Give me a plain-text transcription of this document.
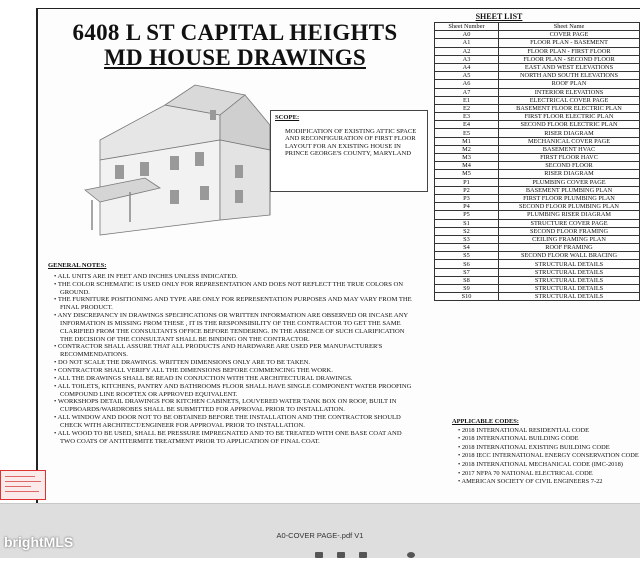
6408 L ST CAPITAL HEIGHTS
MD HOUSE DRAWINGS
SCOPE:
MODIFICATION OF EXISTING ATTIC SPACE AND RECONFIGURATION OF FIRST FLOOR LAYOUT FOR AN EXISTING HOUSE IN PRINCE GEORGE'S COUNTY, MARYLAND
GENERAL NOTES:
• ALL UNITS ARE IN FEET AND INCHES UNLESS INDICATED.
• THE COLOR SCHEMATIC IS USED ONLY FOR REPRESENTATION AND DOES NOT REFLECT THE TRUE COLORS ON GROUND.
• THE FURNITURE POSITIONING AND TYPE ARE ONLY FOR REPRESENTATION PURPOSES AND MAY VARY FROM THE FINAL PRODUCT.
• ANY DISCREPANCY IN DRAWINGS SPECIFICATIONS OR WRITTEN INFORMATION ARE OBSERVED OR INCASE ANY INFORMATION IS MISSING FROM THESE , IT IS THE RESPONSIBILITY OF THE CONTRACTOR TO GET THE SAME CLARIFIED FROM THE CONSULTANTS OFFICE BEFORE TENDERING. IN THE ABSENCE OF SUCH CLARIFICATION THE DECISION OF THE CONSULTANT SHALL BE BINDING ON THE CONTRACTOR.
• CONTRACTOR SHALL ASSURE THAT ALL PRODUCTS AND HARDWARE ARE USED PER MANUFACTURER'S RECOMMENDATIONS.
• DO NOT SCALE THE DRAWINGS. WRITTEN DIMENSIONS ONLY ARE TO BE TAKEN.
• CONTRACTOR SHALL VERIFY ALL THE DIMENSIONS BEFORE COMMENCING THE WORK.
• ALL THE DRAWINGS SHALL BE READ IN CONJUCTION WITH THE ARCHITECTURAL DRAWINGS.
• ALL TOILETS, KITCHENS, PANTRY AND BATHROOMS FLOOR SHALL HAVE SINGLE COMPONENT WATER PROOFING COMPOUND LINE ROOFTEX OR APPROVED EQUIVALENT.
• WORKSHOPS DETAIL DRAWINGS FOR KITCHEN CABINETS, LOUVERED WATER TANK BOX ON ROOF, BUILT IN CUPBOARDS/WARDROBES SHALL BE SUBMITTED FOR APPROVAL PRIOR TO INSTALLATION.
• ALL WINDOW AND DOOR NOT TO BE OBTAINED BEFORE THE INSTALLATION AND THE CONTRACTOR SHOULD CHECK WITH ARCHITECT/ENGINEER FOR APPROVAL PRIOR TO INSTALLATION.
• ALL WOOD TO BE USED, SHALL BE PRESSURE IMPREGNATED AND TO BE TREATED WITH ONE BASE COAT AND TWO COATS OF ANTITERMITE TREATMENT PRIOR TO APPLICATION OF FINAL COAT.
SHEET LIST
Sheet Number	Sheet Name
A0	COVER PAGE
A1	FLOOR PLAN - BASEMENT
A2	FLOOR PLAN - FIRST FLOOR
A3	FLOOR PLAN - SECOND FLOOR
A4	EAST AND WEST ELEVATIONS
A5	NORTH AND SOUTH ELEVATIONS
A6	ROOF PLAN
A7	INTERIOR ELEVATIONS
E1	ELECTRICAL COVER PAGE
E2	BASEMENT FLOOR ELECTRIC PLAN
E3	FIRST FLOOR ELECTRIC PLAN
E4	SECOND FLOOR ELECTRIC PLAN
E5	RISER DIAGRAM
M1	MECHANICAL COVER PAGE
M2	BASEMENT HVAC
M3	FIRST FLOOR HAVC
M4	SECOND FLOOR
M5	RISER DIAGRAM
P1	PLUMBING COVER PAGE
P2	BASEMENT PLUMBING PLAN
P3	FIRST FLOOR PLUMBING PLAN
P4	SECOND FLOOR PLUMBING PLAN
P5	PLUMBING RISER DIAGRAM
S1	STRUCTURE COVER PAGE
S2	SECOND FLOOR FRAMING
S3	CEILING FRAMING PLAN
S4	ROOF FRAMING
S5	SECOND FLOOR WALL BRACING
S6	STRUCTURAL DETAILS
S7	STRUCTURAL DETAILS
S8	STRUCTURAL DETAILS
S9	STRUCTURAL DETAILS
S10	STRUCTURAL DETAILS
APPLICABLE CODES:
• 2018 INTERNATIONAL RESIDENTIAL CODE
• 2018 INTERNATIONAL BUILDING CODE
• 2018 INTERNATIONAL EXISTING BUILDING CODE
• 2018 IECC INTERNATIONAL ENERGY CONSERVATION CODE
• 2018 INTERNATIONAL MECHANICAL CODE (IMC-2018)
• 2017 NFPA 70 NATIONAL ELECTRICAL CODE
• AMERICAN SOCIETY OF CIVIL ENGINEERS 7-22
A0-COVER PAGE-.pdf V1
brightMLS
